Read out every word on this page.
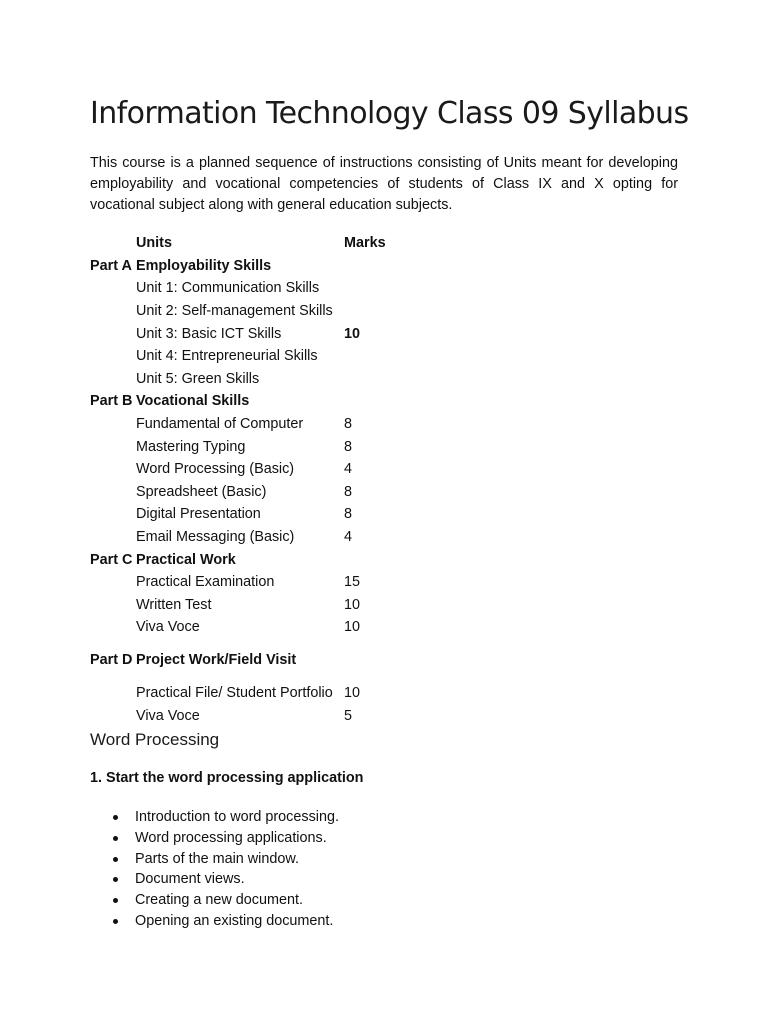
Information Technology Class 09 Syllabus

This course is a planned sequence of instructions consisting of Units meant for developing employability and vocational competencies of students of Class IX and X opting for vocational subject along with general education subjects.

	Units	Marks
Part A	Employability Skills	
	Unit 1: Communication Skills	
	Unit 2: Self-management Skills	
	Unit 3: Basic ICT Skills	10
	Unit 4: Entrepreneurial Skills	
	Unit 5: Green Skills	
Part B	Vocational Skills	
	Fundamental of Computer	8
	Mastering Typing	8
	Word Processing (Basic)	4
	Spreadsheet (Basic)	8
	Digital Presentation	8
	Email Messaging (Basic)	4
Part C	Practical Work	
	Practical Examination	15
	Written Test	10
	Viva Voce	10
Part D	Project Work/Field Visit	
	Practical File/ Student Portfolio	10
	Viva Voce	5
Word Processing

1. Start the word processing application

Introduction to word processing.
Word processing applications.
Parts of the main window.
Document views.
Creating a new document.
Opening an existing document.
